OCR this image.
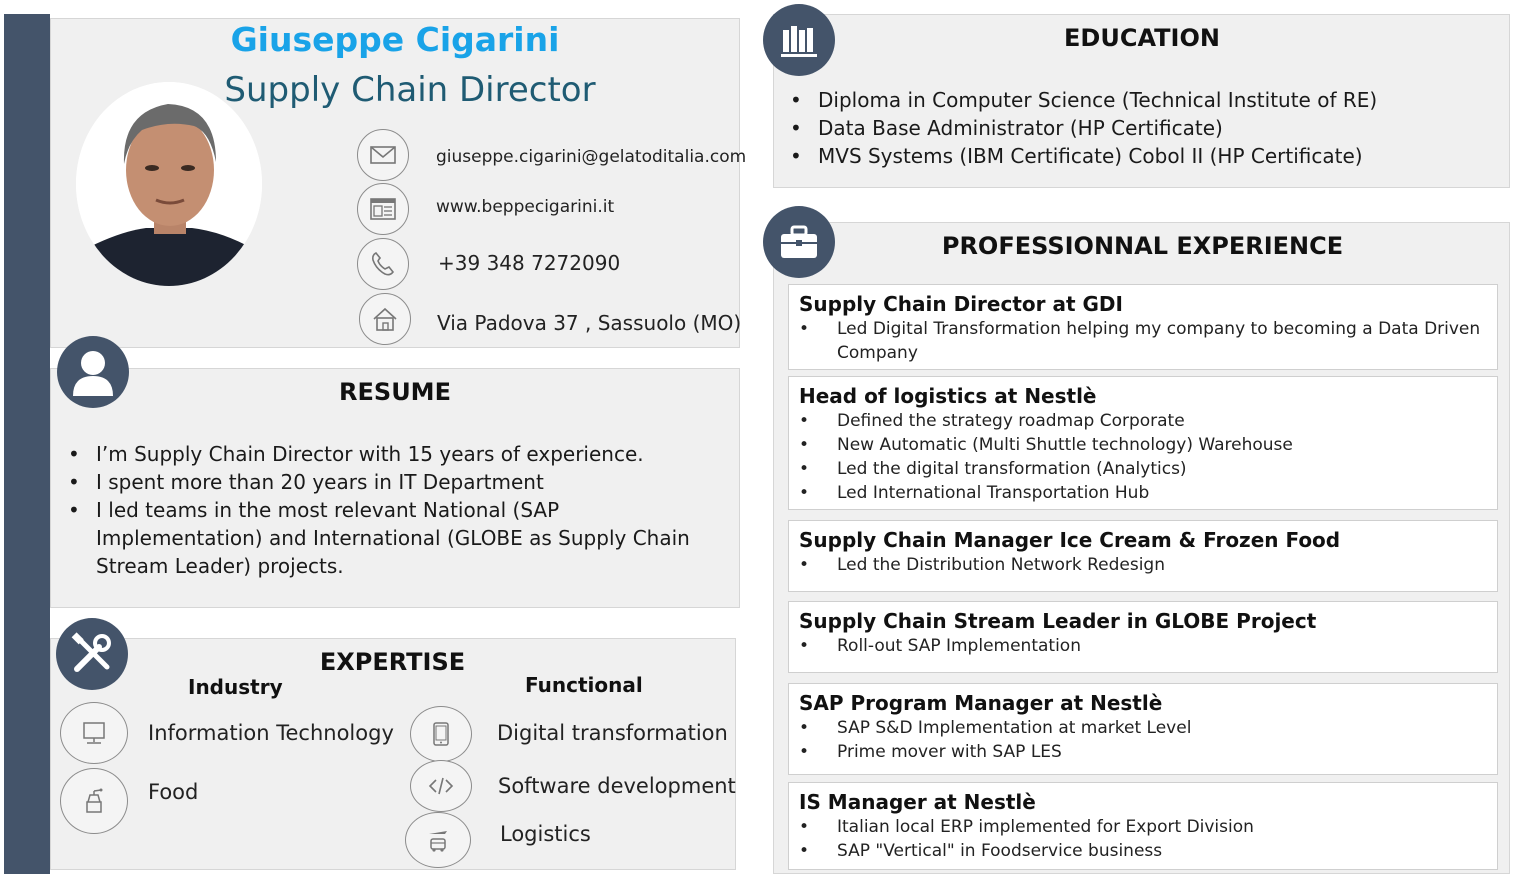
Giuseppe Cigarini
Supply Chain Director
giuseppe.cigarini@gelatoditalia.com
www.beppecigarini.it
+39 348 7272090
Via Padova 37 , Sassuolo (MO)
RESUME
• I’m Supply Chain Director with 15 years of experience.
• I spent more than 20 years in IT Department
• I led teams in the most relevant National (SAP Implementation) and International (GLOBE as Supply Chain Stream Leader) projects.
EXPERTISE
Industry	Functional
Information Technology
Food
Digital transformation
Software development
Logistics
EDUCATION
• Diploma in Computer Science (Technical Institute of RE)
• Data Base Administrator (HP Certificate)
• MVS Systems (IBM Certificate) Cobol II (HP Certificate)
PROFESSIONNAL EXPERIENCE
Supply Chain Director at GDI
• Led Digital Transformation helping my company to becoming a Data Driven Company
Head of logistics at Nestlè
• Defined the strategy roadmap Corporate
• New Automatic (Multi Shuttle technology) Warehouse
• Led the digital transformation (Analytics)
• Led International Transportation Hub
Supply Chain Manager Ice Cream & Frozen Food
• Led the Distribution Network Redesign
Supply Chain Stream Leader in GLOBE Project
• Roll-out SAP Implementation
SAP Program Manager at Nestlè
• SAP S&D Implementation at market Level
• Prime mover with SAP LES
IS Manager at Nestlè
• Italian local ERP implemented for Export Division
• SAP "Vertical" in Foodservice business
